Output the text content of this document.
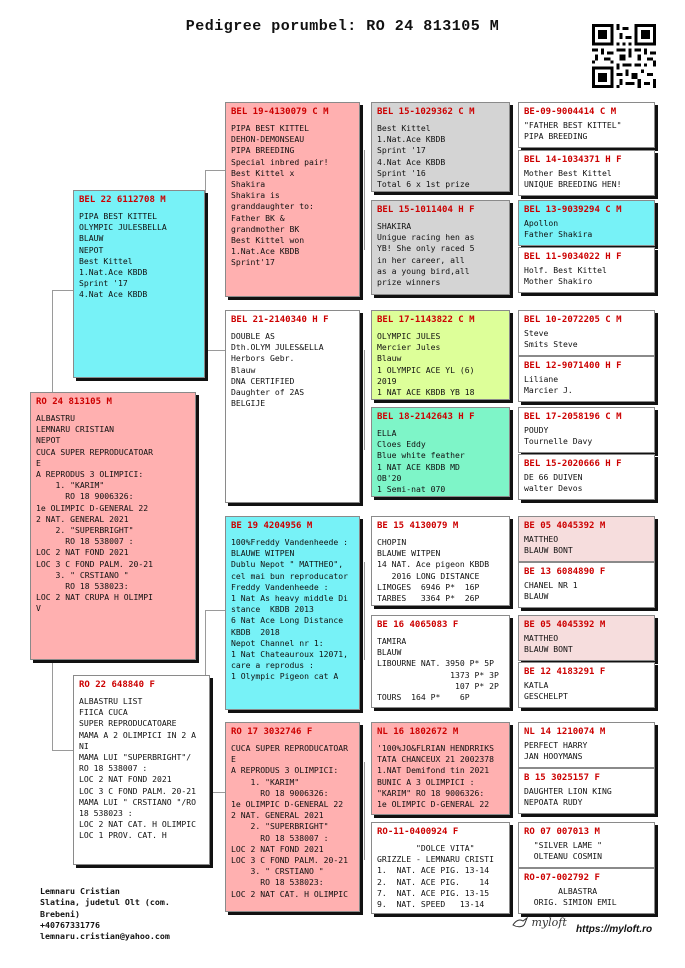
Pedigree porumbel: RO 24 813105 M
RO 24 813105 M
ALBASTRU
LEMNARU CRISTIAN
NEPOT
CUCA SUPER REPRODUCATOAR
E
A REPRODUS 3 OLIMPICI:
1. "KARIM"
RO 18 9006326:
1e OLIMPIC D-GENERAL 22
2 NAT. GENERAL 2021
2. "SUPERBRIGHT"
RO 18 538007 :
LOC 2 NAT FOND 2021
LOC 3 C FOND PALM. 20-21
3. " CRSTIANO "
RO 18 538023:
LOC 2 NAT CRUPA H OLIMPI
V
BEL 22 6112708 M
PIPA BEST KITTEL
OLYMPIC JULESBELLA
BLAUW
NEPOT
Best Kittel
1.Nat.Ace KBDB
Sprint '17
4.Nat Ace KBDB
RO 22 648840 F
ALBASTRU LIST
FIICA CUCA
SUPER REPRODUCATOARE
MAMA A 2 OLIMPICI IN 2 A
NI
MAMA LUI "SUPERBRIGHT"/
RO 18 538007 :
LOC 2 NAT FOND 2021
LOC 3 C FOND PALM. 20-21
MAMA LUI " CRSTIANO "/RO
18 538023 :
LOC 2 NAT CAT. H OLIMPIC
LOC 1 PROV. CAT. H
BEL 19-4130079 C M
PIPA BEST KITTEL
DEHON-DEMONSEAU
PIPA BREEDING
Special inbred pair!
Best Kittel x
Shakira
Shakira is
granddaughter to:
Father BK &
grandmother BK
Best Kittel won
1.Nat.Ace KBDB
Sprint'17
BEL 21-2140340 H F
DOUBLE AS
Dth.OLYM JULES&ELLA
Herbors Gebr.
Blauw
DNA CERTIFIED
Daughter of 2AS
BELGIJE
BE 19 4204956 M
100%Freddy Vandenheede :
BLAUWE WITPEN
Dublu Nepot " MATTHEO",
cel mai bun reproducator
Freddy Vandenheede :
1 Nat As heavy middle Di
stance  KBDB 2013
6 Nat Ace Long Distance
KBDB  2018
Nepot Channel nr 1:
1 Nat Chateauroux 12071,
care a reprodus :
1 Olympic Pigeon cat A
RO 17 3032746 F
CUCA SUPER REPRODUCATOAR
E
A REPRODUS 3 OLIMPICI:
1. "KARIM"
RO 18 9006326:
1e OLIMPIC D-GENERAL 22
2 NAT. GENERAL 2021
2. "SUPERBRIGHT"
RO 18 538007 :
LOC 2 NAT FOND 2021
LOC 3 C FOND PALM. 20-21
3. " CRSTIANO "
RO 18 538023:
LOC 2 NAT CAT. H OLIMPIC
BEL 15-1029362 C M
Best Kittel
1.Nat.Ace KBDB
Sprint '17
4.Nat Ace KBDB
Sprint '16
Total 6 x 1st prize
BEL 15-1011404 H F
SHAKIRA
Unigue racing hen as
YB! She only raced 5
in her career, all
as a young bird,all
prize winners
BEL 17-1143822 C M
OLYMPIC JULES
Mercier Jules
Blauw
1 OLYMPIC ACE YL (6)
2019
1 NAT ACE KBDB YB 18
BEL 18-2142643 H F
ELLA
Cloes Eddy
Blue white feather
1 NAT ACE KBDB MD
OB'20
1 Semi-nat 070
BE 15 4130079 M
CHOPIN
BLAUWE WITPEN
14 NAT. Ace pigeon KBDB
2016 LONG DISTANCE
LIMOGES  6946 P*  16P
TARBES   3364 P*  26P
BE 16 4065083 F
TAMIRA
BLAUW
LIBOURNE NAT. 3950 P* 5P
1373 P* 3P
107 P* 2P
TOURS  164 P*    6P
NL 16 1802672 M
'100%JO&FLRIAN HENDRRIKS
TATA CHANCEUX 21 2002378
1.NAT Demifond tin 2021
BUNIC A 3 OLIMPICI :
"KARIM" RO 18 9006326:
1e OLIMPIC D-GENERAL 22
RO-11-0400924 F
"DOLCE VITA"
GRIZZLE - LEMNARU CRISTI
1.  NAT. ACE PIG. 13-14
2.  NAT. ACE PIG.    14
7.  NAT. ACE PIG. 13-15
9.  NAT. SPEED   13-14
BE-09-9004414 C M
"FATHER BEST KITTEL"
PIPA BREEDING
BEL 14-1034371 H F
Mother Best Kittel
UNIQUE BREEDING HEN!
BEL 13-9039294 C M
Apollon
Father Shakira
BEL 11-9034022 H F
Holf. Best Kittel
Mother Shakiro
BEL 10-2072205 C M
Steve
Smits Steve
BEL 12-9071400 H F
Liliane
Marcier J.
BEL 17-2058196 C M
POUDY
Tournelle Davy
BEL 15-2020666 H F
DE 66 DUIVEN
walter Devos
BE 05 4045392 M
MATTHEO
BLAUW BONT
BE 13 6084890 F
CHANEL NR 1
BLAUW
BE 05 4045392 M
MATTHEO
BLAUW BONT
BE 12 4183291 F
KATLA
GESCHELPT
NL 14 1210074 M
PERFECT HARRY
JAN HOOYMANS
B 15 3025157 F
DAUGHTER LION KING
NEPOATA RUDY
RO 07 007013 M
"SILVER LAME "
OLTEANU COSMIN
RO-07-002792 F
ALBASTRA
ORIG. SIMION EMIL
Lemnaru Cristian
Slatina, judetul Olt (com.
Brebeni)
+40767331776
lemnaru.cristian@yahoo.com
myloft
https://myloft.ro
